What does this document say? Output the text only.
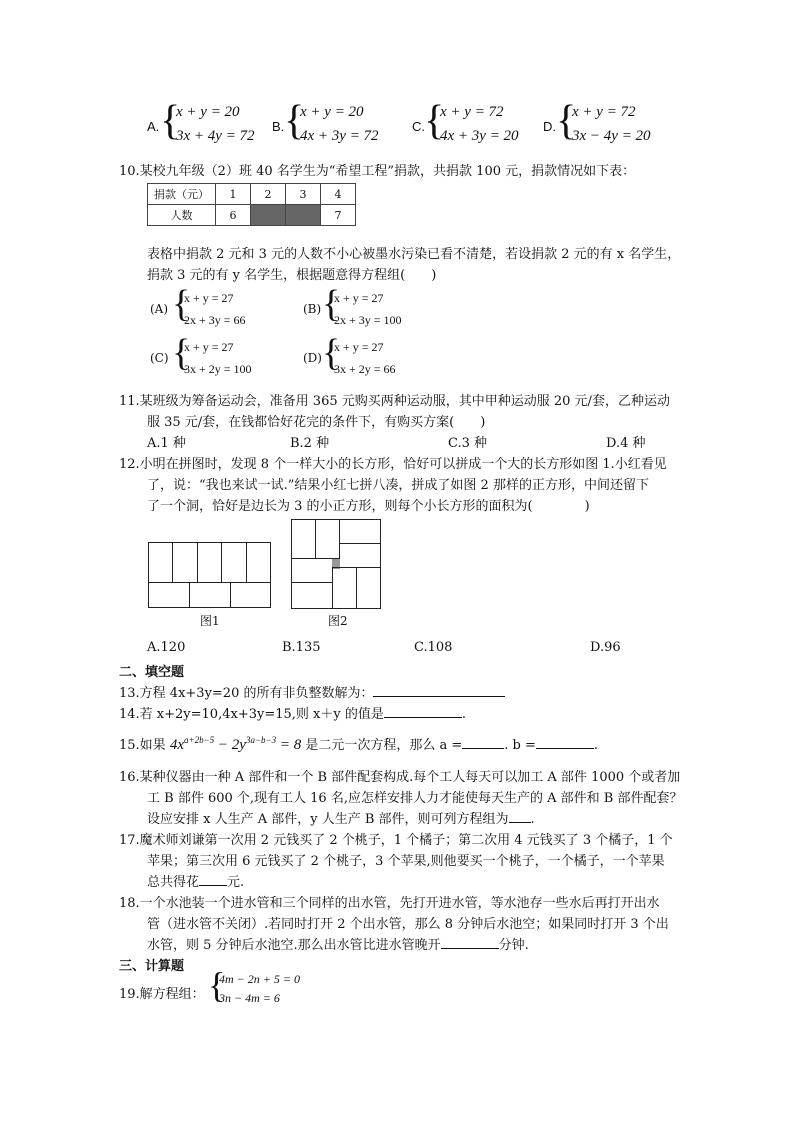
A. {
x + y = 20
3x + 4y = 72
B. {
x + y = 20
4x + 3y = 72
C. {
x + y = 72
4x + 3y = 20
D. {
x + y = 72
3x − 4y = 20
10.某校九年级（2）班 40 名学生为“希望工程”捐款，共捐款 100 元，捐款情况如下表：
捐款（元）	1	2	3	4
人数	6			7
表格中捐款 2 元和 3 元的人数不小心被墨水污染已看不清楚，若设捐款 2 元的有 x 名学生，
捐款 3 元的有 y 名学生，根据题意得方程组(　　)
(A) {
x + y = 27
2x + 3y = 66
(B) {
x + y = 27
2x + 3y = 100
(C) {
x + y = 27
3x + 2y = 100
(D) {
x + y = 27
3x + 2y = 66
11.某班级为筹备运动会，准备用 365 元购买两种运动服，其中甲种运动服 20 元/套，乙种运动
服 35 元/套，在钱都恰好花完的条件下，有购买方案(　　)
A.1 种	B.2 种	C.3 种	D.4 种
12.小明在拼图时，发现 8 个一样大小的长方形，恰好可以拼成一个大的长方形如图 1.小红看见
了，说：“我也来试一试.”结果小红七拼八凑，拼成了如图 2 那样的正方形，中间还留下
了一个洞，恰好是边长为 3 的小正方形，则每个小长方形的面积为(　　　　)
图1	图2
A.120	B.135	C.108	D.96
二、填空题
13.方程 4x+3y=20 的所有非负整数解为：
14.若 x+2y=10,4x+3y=15,则 x＋y 的值是	.
15.如果 $4x^{a+2b-5} - 2y^{3a-b-3} = 8$ 是二元一次方程，那么 a =	. b =	.
16.某种仪器由一种 A 部件和一个 B 部件配套构成.每个工人每天可以加工 A 部件 1000 个或者加
工 B 部件 600 个,现有工人 16 名,应怎样安排人力才能使每天生产的 A 部件和 B 部件配套？
设应安排 x 人生产 A 部件，y 人生产 B 部件，则可列方程组为 .
17.魔术师刘谦第一次用 2 元钱买了 2 个桃子，1 个橘子；第二次用 4 元钱买了 3 个橘子，1 个
苹果；第三次用 6 元钱买了 2 个桃子，3 个苹果,则他要买一个桃子，一个橘子，一个苹果
总共得花 元.
18.一个水池装一个进水管和三个同样的出水管，先打开进水管，等水池存一些水后再打开出水
管（进水管不关闭）.若同时打开 2 个出水管，那么 8 分钟后水池空；如果同时打开 3 个出
水管，则 5 分钟后水池空.那么出水管比进水管晚开	分钟.
三、计算题
19.解方程组： {
4m − 2n + 5 = 0
3n − 4m = 6
